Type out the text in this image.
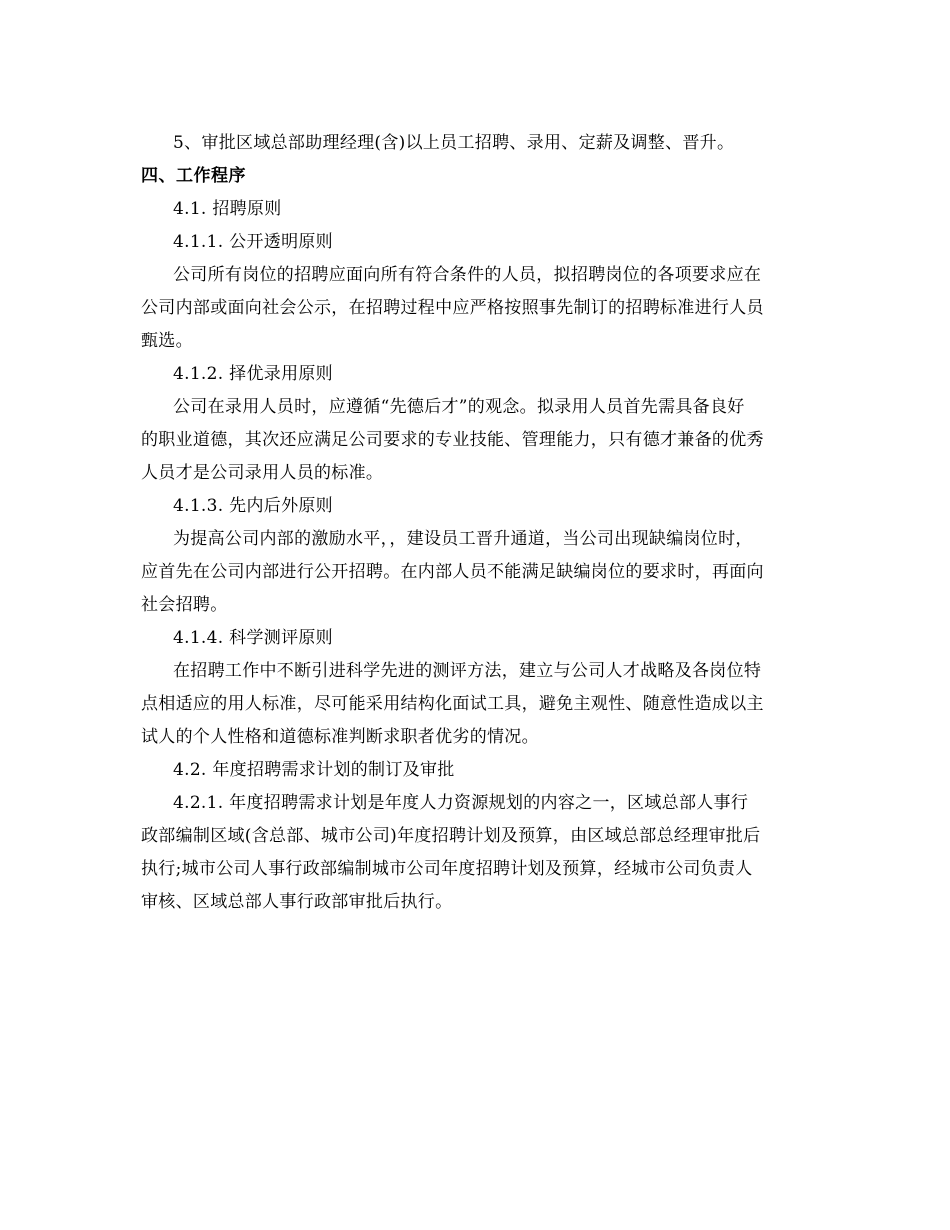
5、审批区域总部助理经理(含)以上员工招聘、录用、定薪及调整、晋升。
四、工作程序
4.1. 招聘原则
4.1.1. 公开透明原则
公司所有岗位的招聘应面向所有符合条件的人员，拟招聘岗位的各项要求应在
公司内部或面向社会公示，在招聘过程中应严格按照事先制订的招聘标准进行人员
甄选。
4.1.2. 择优录用原则
公司在录用人员时，应遵循“先德后才”的观念。拟录用人员首先需具备良好
的职业道德，其次还应满足公司要求的专业技能、管理能力，只有德才兼备的优秀
人员才是公司录用人员的标准。
4.1.3. 先内后外原则
为提高公司内部的激励水平，，建设员工晋升通道，当公司出现缺编岗位时，
应首先在公司内部进行公开招聘。在内部人员不能满足缺编岗位的要求时，再面向
社会招聘。
4.1.4. 科学测评原则
在招聘工作中不断引进科学先进的测评方法，建立与公司人才战略及各岗位特
点相适应的用人标准，尽可能采用结构化面试工具，避免主观性、随意性造成以主
试人的个人性格和道德标准判断求职者优劣的情况。
4.2. 年度招聘需求计划的制订及审批
4.2.1. 年度招聘需求计划是年度人力资源规划的内容之一，区域总部人事行
政部编制区域(含总部、城市公司)年度招聘计划及预算，由区域总部总经理审批后
执行;城市公司人事行政部编制城市公司年度招聘计划及预算，经城市公司负责人
审核、区域总部人事行政部审批后执行。
